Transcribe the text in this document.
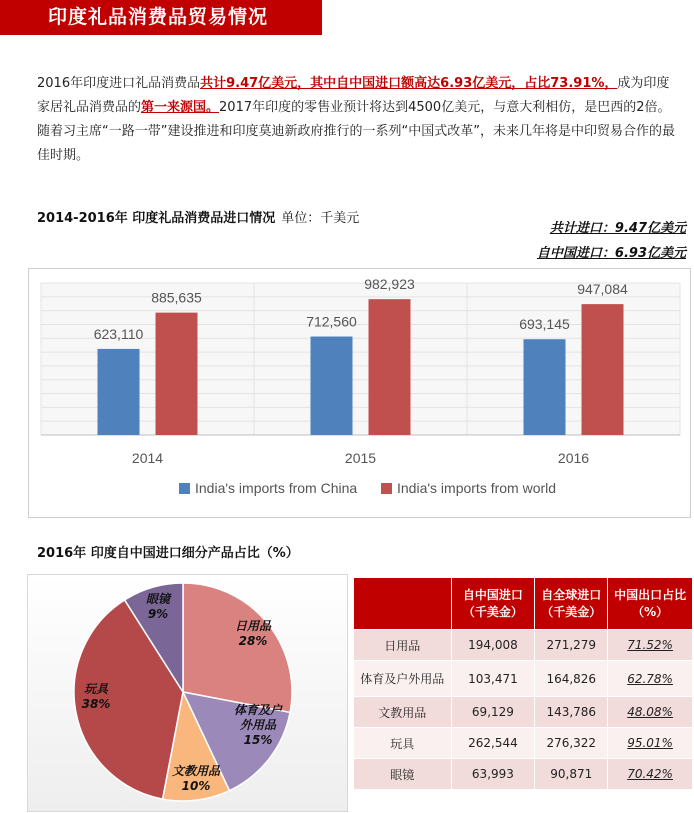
印度礼品消费品贸易情况
2016年印度进口礼品消费品共计9.47亿美元，其中自中国进口额高达6.93亿美元，占比73.91%，成为印度家居礼品消费品的第一来源国。2017年印度的零售业预计将达到4500亿美元，与意大利相仿，是巴西的2倍。随着习主席“一路一带”建设推进和印度莫迪新政府推行的一系列“中国式改革”，未来几年将是中印贸易合作的最佳时期。
2014-2016年 印度礼品消费品进口情况 单位：千美元
共计进口：9.47亿美元
自中国进口：6.93亿美元
623,110
885,635
2014
712,560
982,923
2015
693,145
947,084
2016
India's imports from China	India's imports from world
2016年 印度自中国进口细分产品占比（%）
日用品
28%
体育及户
外用品
15%
文教用品
10%
玩具
38%
眼镜
9%
	自中国进口（千美金）	自全球进口（千美金）	中国出口占比（%）
日用品	194,008	271,279	71.52%
体育及户外用品	103,471	164,826	62.78%
文教用品	69,129	143,786	48.08%
玩具	262,544	276,322	95.01%
眼镜	63,993	90,871	70.42%
